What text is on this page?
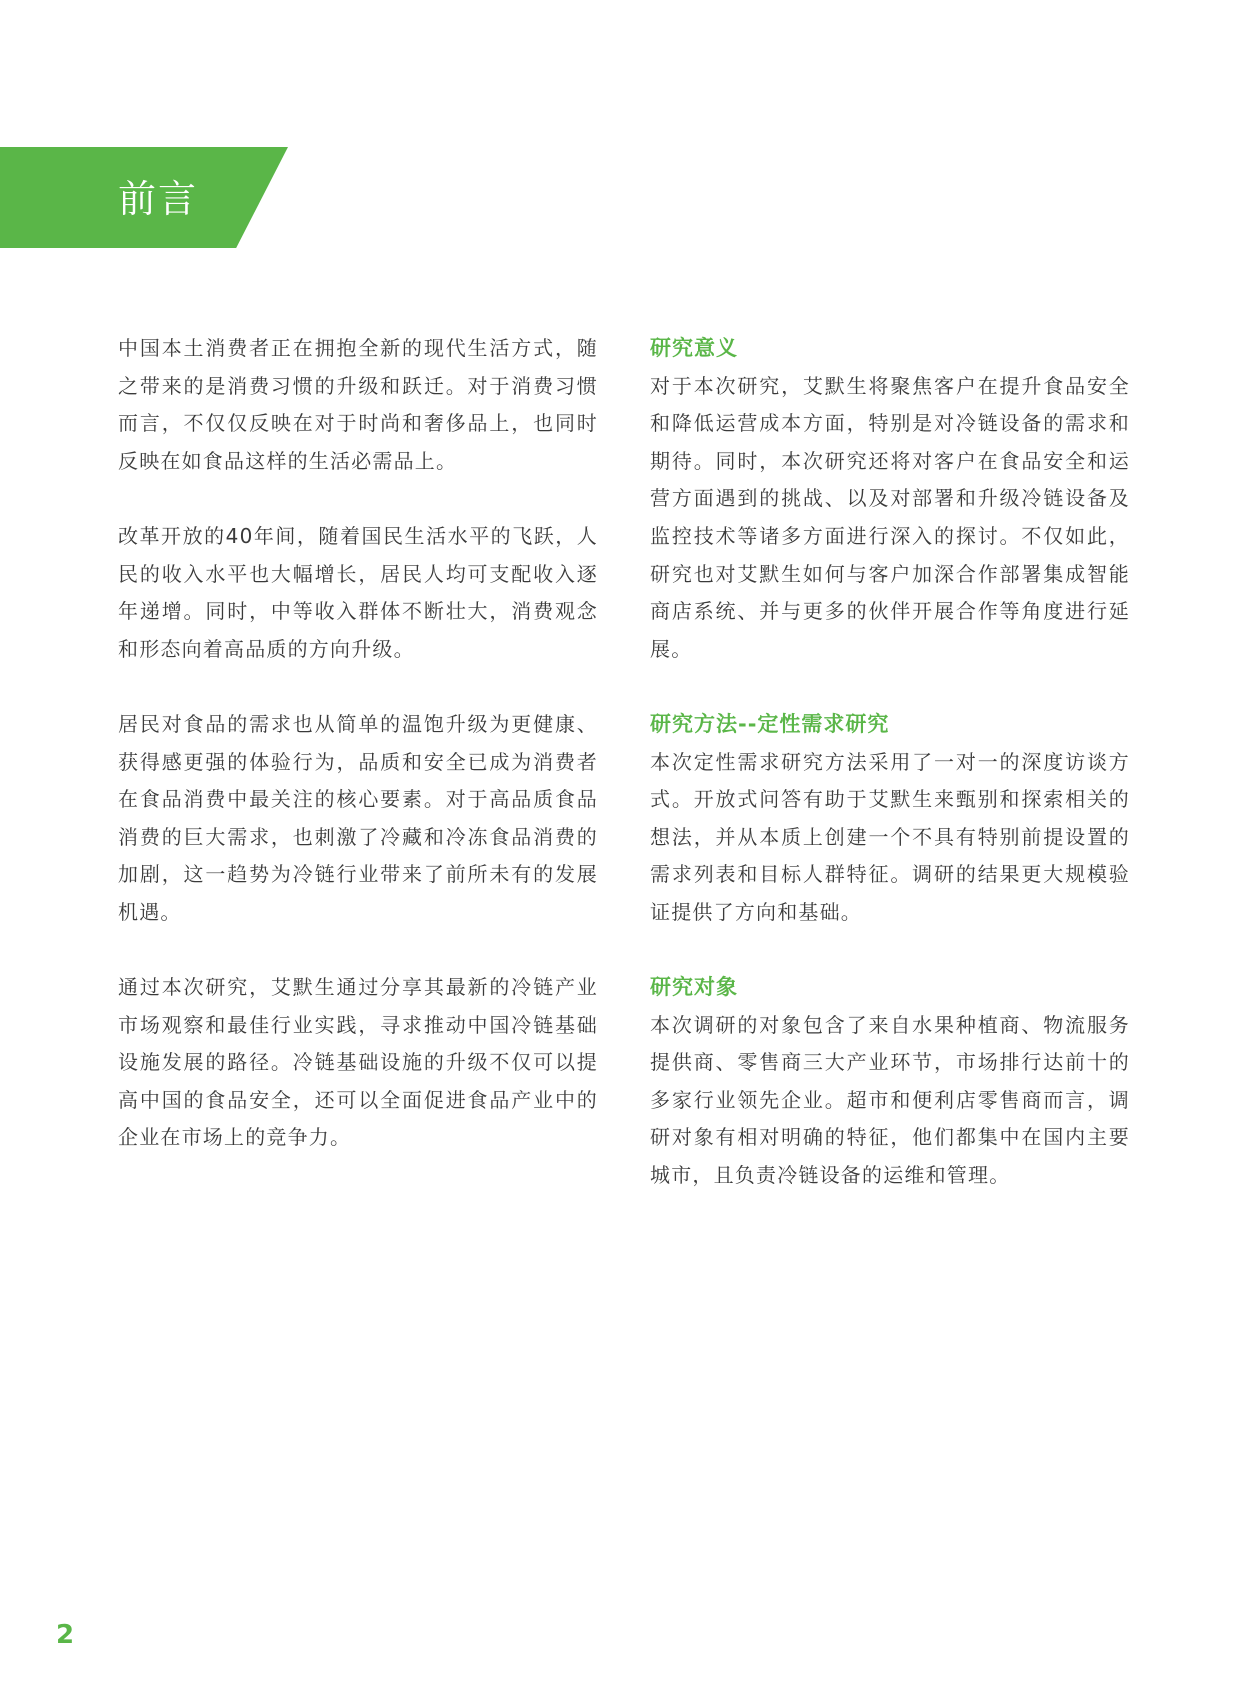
前言

中国本土消费者正在拥抱全新的现代生活方式，随之带来的是消费习惯的升级和跃迁。对于消费习惯而言，不仅仅反映在对于时尚和奢侈品上，也同时反映在如食品这样的生活必需品上。

改革开放的40年间，随着国民生活水平的飞跃，人民的收入水平也大幅增长，居民人均可支配收入逐年递增。同时，中等收入群体不断壮大，消费观念和形态向着高品质的方向升级。

居民对食品的需求也从简单的温饱升级为更健康、获得感更强的体验行为，品质和安全已成为消费者在食品消费中最关注的核心要素。对于高品质食品消费的巨大需求，也刺激了冷藏和冷冻食品消费的加剧，这一趋势为冷链行业带来了前所未有的发展机遇。

通过本次研究，艾默生通过分享其最新的冷链产业市场观察和最佳行业实践，寻求推动中国冷链基础设施发展的路径。冷链基础设施的升级不仅可以提高中国的食品安全，还可以全面促进食品产业中的企业在市场上的竞争力。

研究意义

对于本次研究，艾默生将聚焦客户在提升食品安全和降低运营成本方面，特别是对冷链设备的需求和期待。同时，本次研究还将对客户在食品安全和运营方面遇到的挑战、以及对部署和升级冷链设备及监控技术等诸多方面进行深入的探讨。不仅如此，研究也对艾默生如何与客户加深合作部署集成智能商店系统、并与更多的伙伴开展合作等角度进行延展。

研究方法--定性需求研究

本次定性需求研究方法采用了一对一的深度访谈方式。开放式问答有助于艾默生来甄别和探索相关的想法，并从本质上创建一个不具有特别前提设置的需求列表和目标人群特征。调研的结果更大规模验证提供了方向和基础。

研究对象

本次调研的对象包含了来自水果种植商、物流服务提供商、零售商三大产业环节，市场排行达前十的多家行业领先企业。超市和便利店零售商而言，调研对象有相对明确的特征，他们都集中在国内主要城市，且负责冷链设备的运维和管理。

2
